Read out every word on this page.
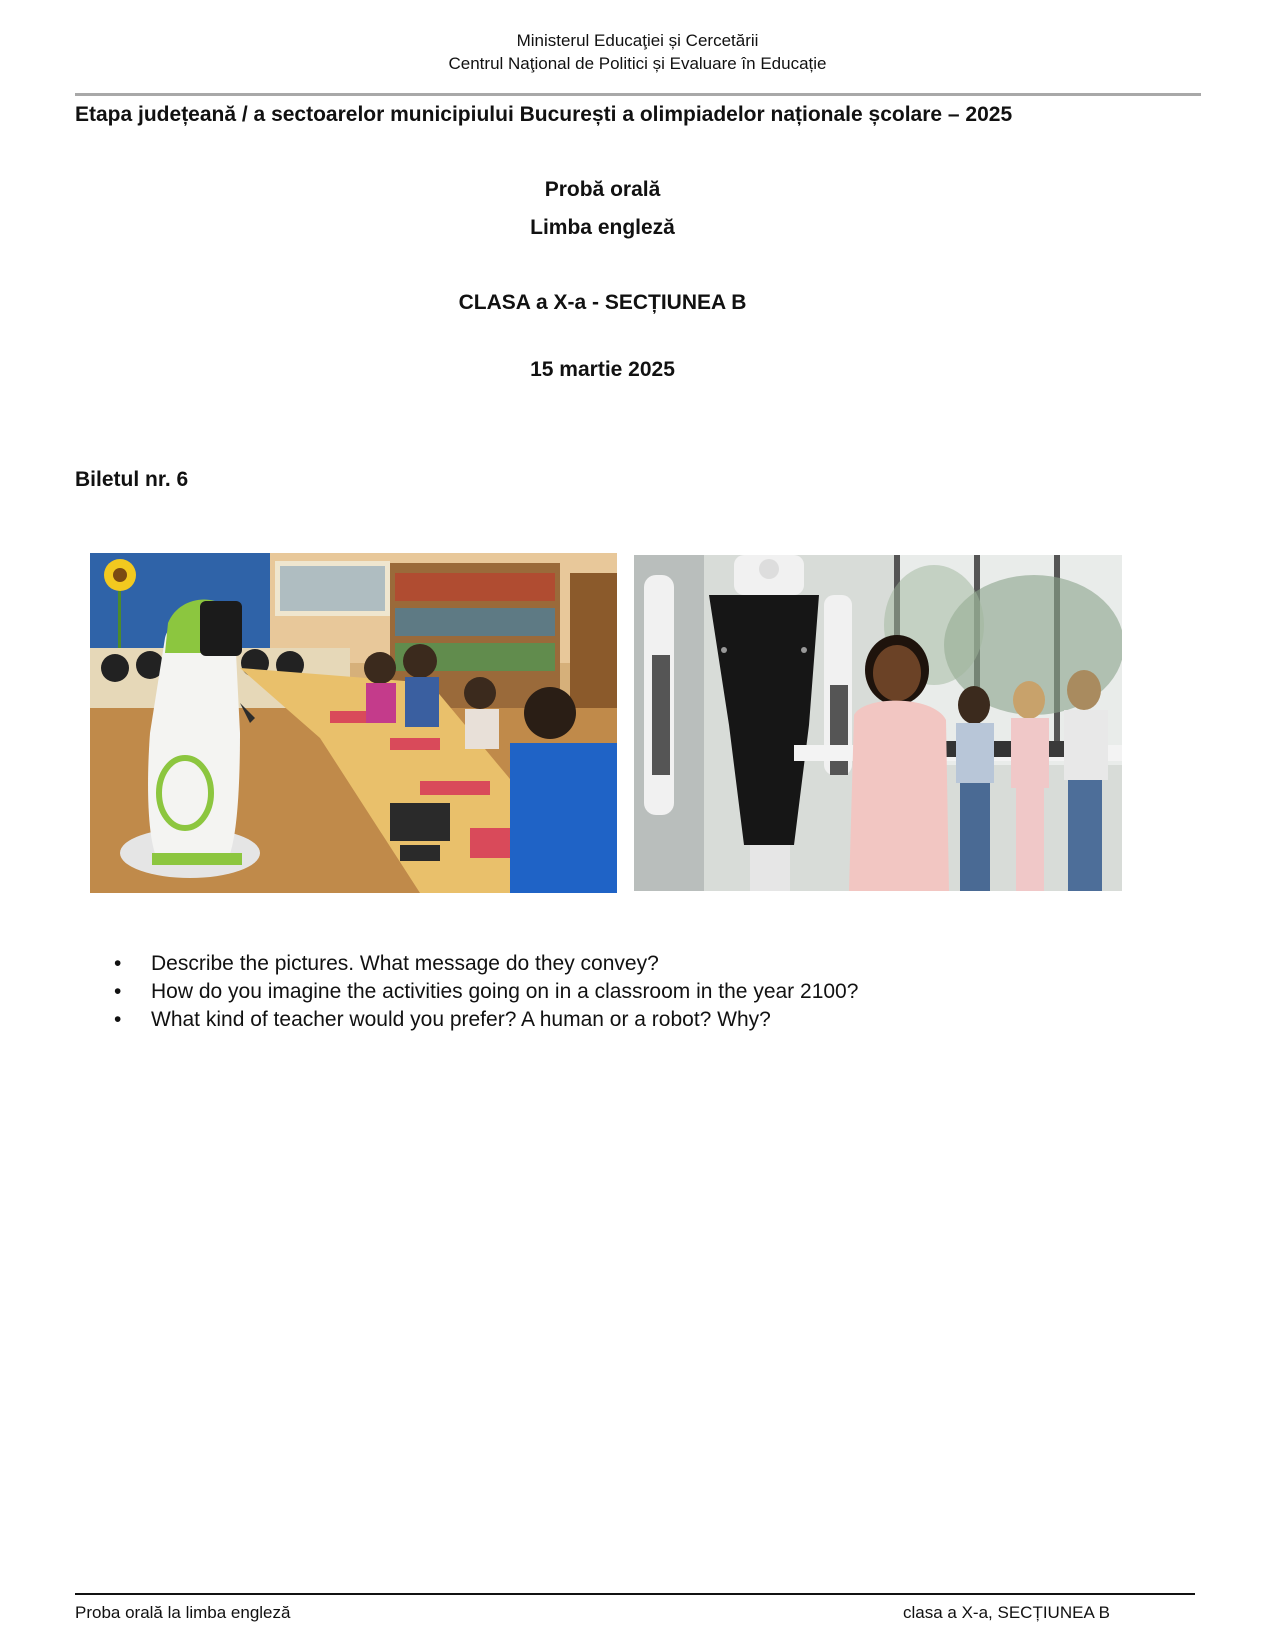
Ministerul Educaţiei și Cercetării
Centrul Naţional de Politici și Evaluare în Educație
Etapa județeană / a sectoarelor municipiului București a olimpiadelor naționale școlare – 2025
Probă orală
Limba engleză
CLASA a X-a - SECȚIUNEA B
15 martie 2025
Biletul nr. 6
• Describe the pictures. What message do they convey?
• How do you imagine the activities going on in a classroom in the year 2100?
• What kind of teacher would you prefer? A human or a robot? Why?
Proba orală la limba engleză	clasa a X-a, SECȚIUNEA B
